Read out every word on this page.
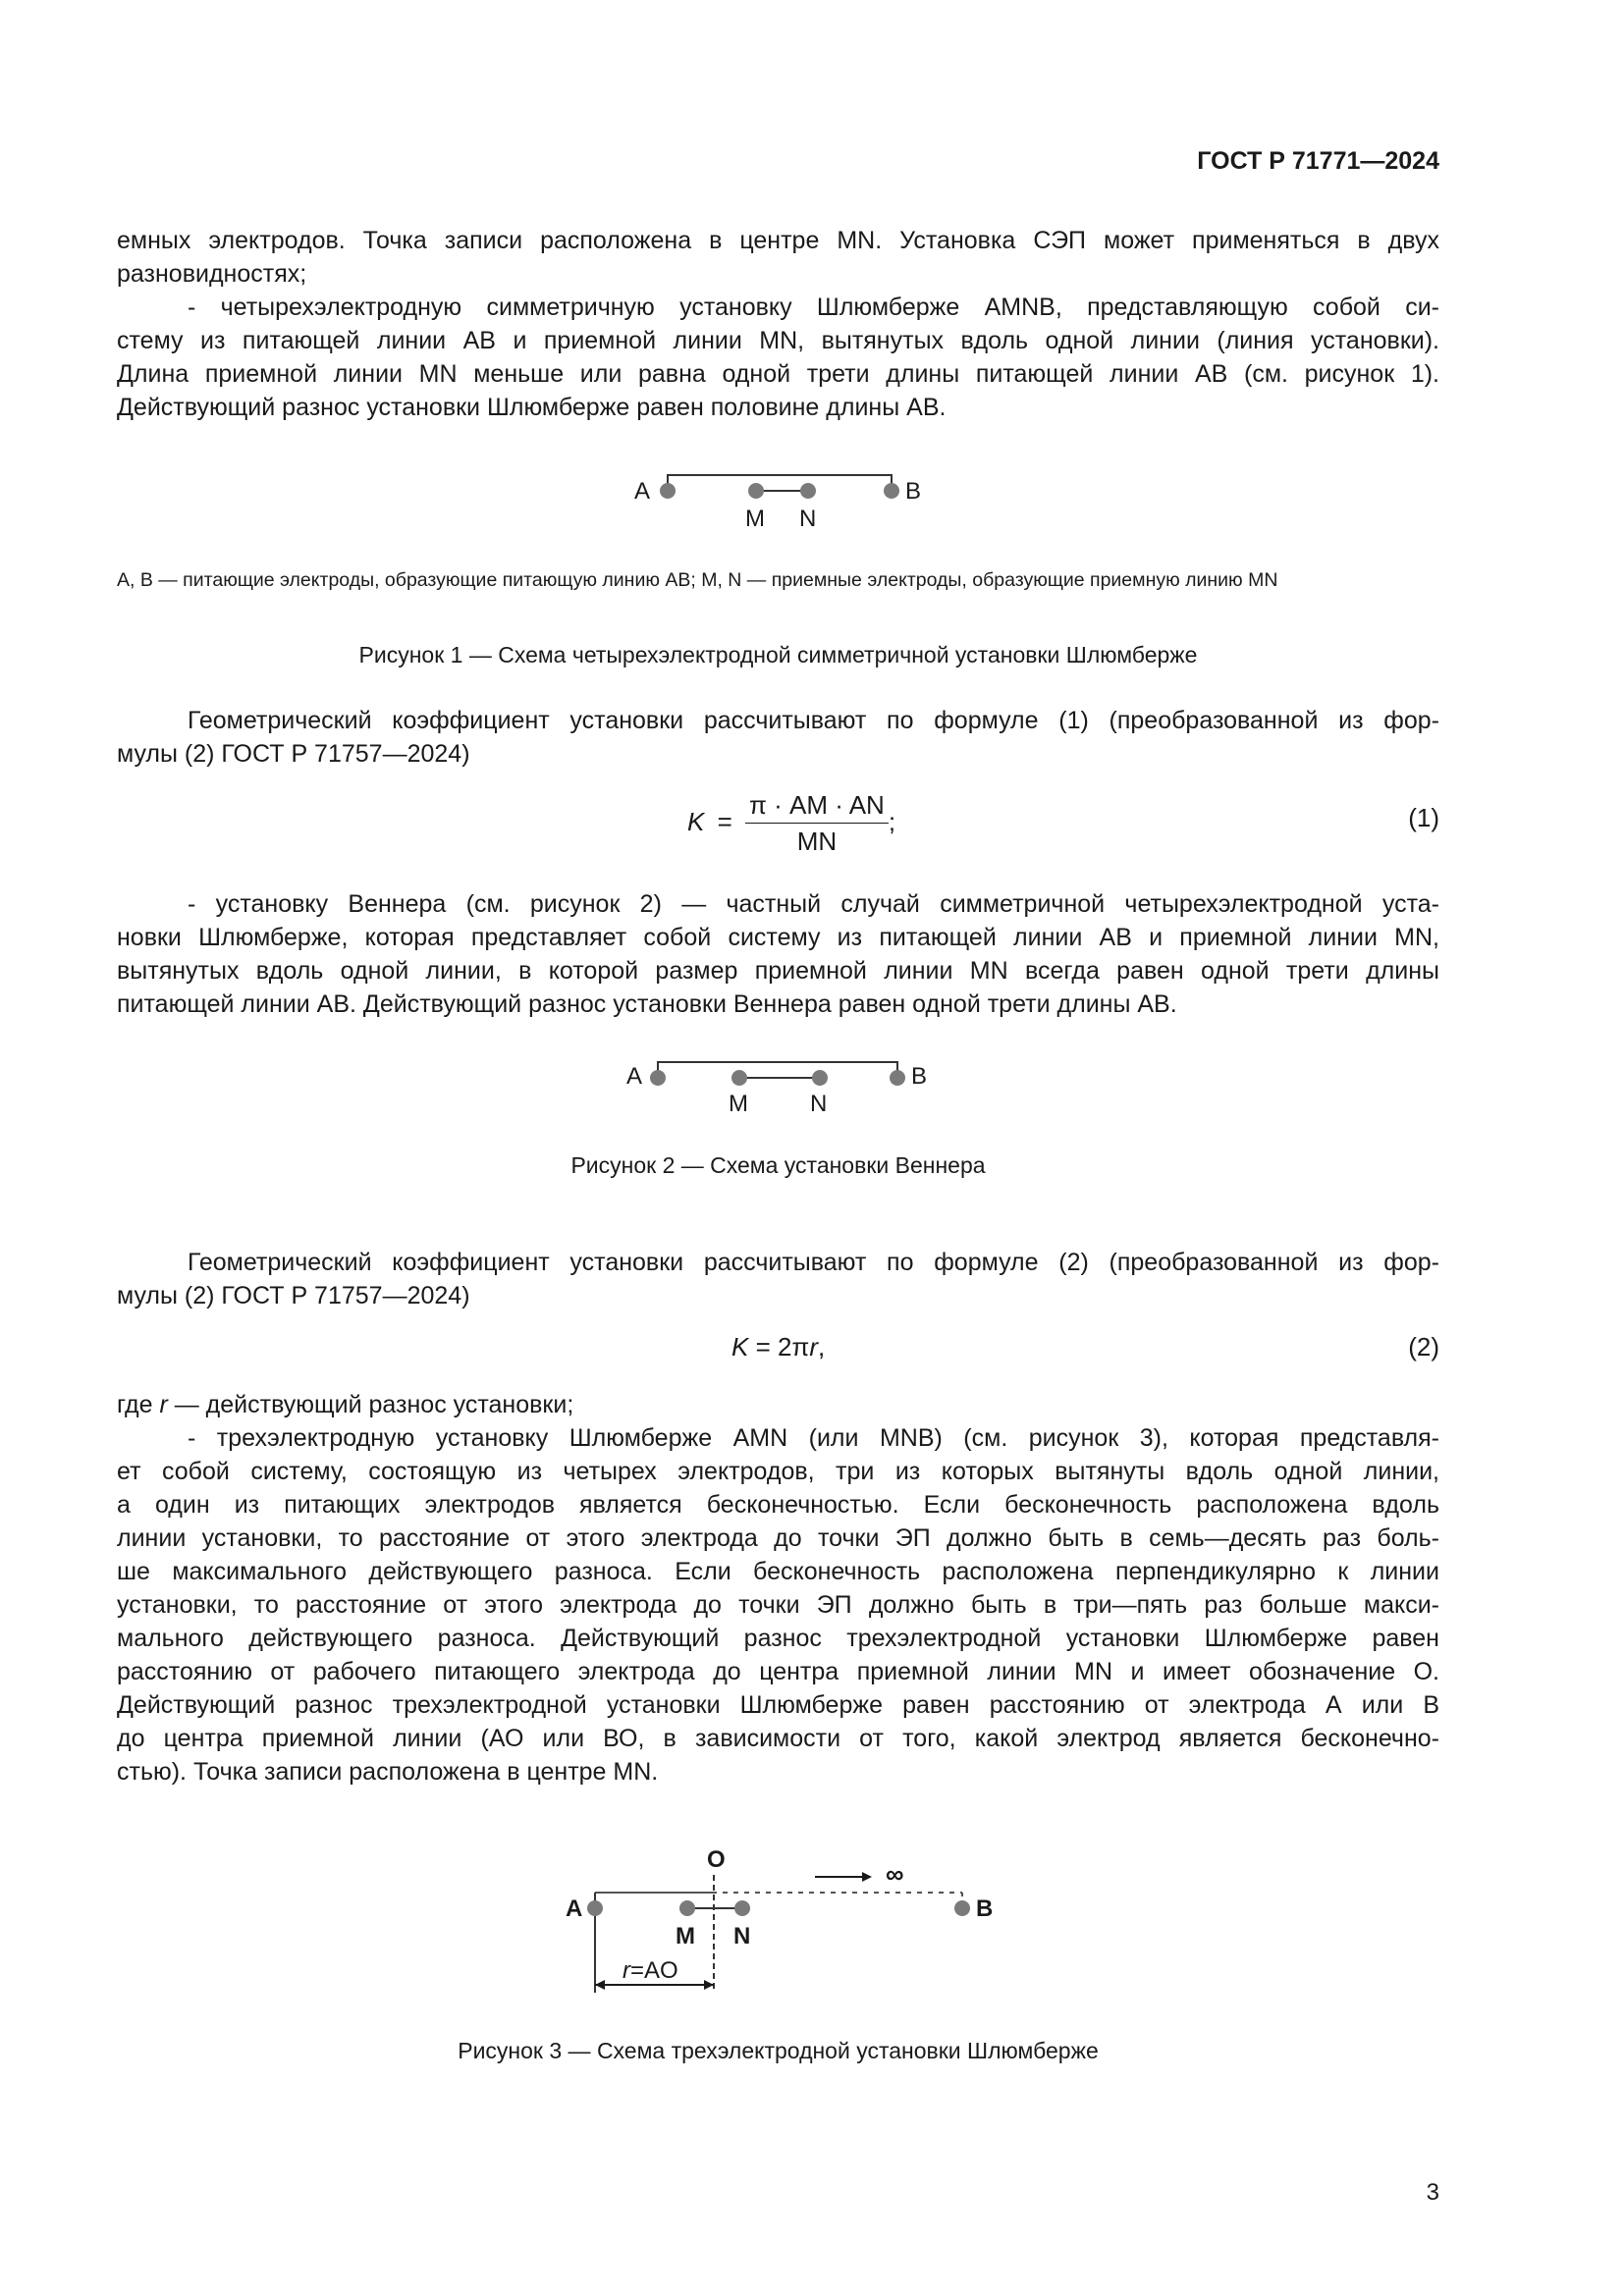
ГОСТ Р 71771—2024
емных электродов. Точка записи расположена в центре MN. Установка СЭП может применяться в двух
разновидностях;
- четырехэлектродную симметричную установку Шлюмберже AMNB, представляющую собой си-
стему из питающей линии АВ и приемной линии MN, вытянутых вдоль одной линии (линия установки).
Длина приемной линии MN меньше или равна одной трети длины питающей линии АВ (см. рисунок 1).
Действующий разнос установки Шлюмберже равен половине длины АВ.
A	B
M N
А, В — питающие электроды, образующие питающую линию АВ; М, N — приемные электроды, образующие приемную линию MN
Рисунок 1 — Схема четырехэлектродной симметричной установки Шлюмберже
Геометрический коэффициент установки рассчитывают по формуле (1) (преобразованной из фор-
мулы (2) ГОСТ Р 71757—2024)
$K = \frac{\pi \cdot AM \cdot AN}{MN}$ ;	(1)
- установку Веннера (см. рисунок 2) — частный случай симметричной четырехэлектродной уста-
новки Шлюмберже, которая представляет собой систему из питающей линии АВ и приемной линии MN,
вытянутых вдоль одной линии, в которой размер приемной линии MN всегда равен одной трети длины
питающей линии АВ. Действующий разнос установки Веннера равен одной трети длины АВ.
A	B
M	N
Рисунок 2 — Схема установки Веннера
Геометрический коэффициент установки рассчитывают по формуле (2) (преобразованной из фор-
мулы (2) ГОСТ Р 71757—2024)
K = 2πr,	(2)
где r — действующий разнос установки;
- трехэлектродную установку Шлюмберже AMN (или MNB) (см. рисунок 3), которая представля-
ет собой систему, состоящую из четырех электродов, три из которых вытянуты вдоль одной линии,
а один из питающих электродов является бесконечностью. Если бесконечность расположена вдоль
линии установки, то расстояние от этого электрода до точки ЭП должно быть в семь—десять раз боль-
ше максимального действующего разноса. Если бесконечность расположена перпендикулярно к линии
установки, то расстояние от этого электрода до точки ЭП должно быть в три—пять раз больше макси-
мального действующего разноса. Действующий разнос трехэлектродной установки Шлюмберже равен
расстоянию от рабочего питающего электрода до центра приемной линии MN и имеет обозначение О.
Действующий разнос трехэлектродной установки Шлюмберже равен расстоянию от электрода А или В
до центра приемной линии (АО или ВО, в зависимости от того, какой электрод является бесконечно-
стью). Точка записи расположена в центре MN.
∞
O
A	B
M N
r=AO
Рисунок 3 — Схема трехэлектродной установки Шлюмберже
3
